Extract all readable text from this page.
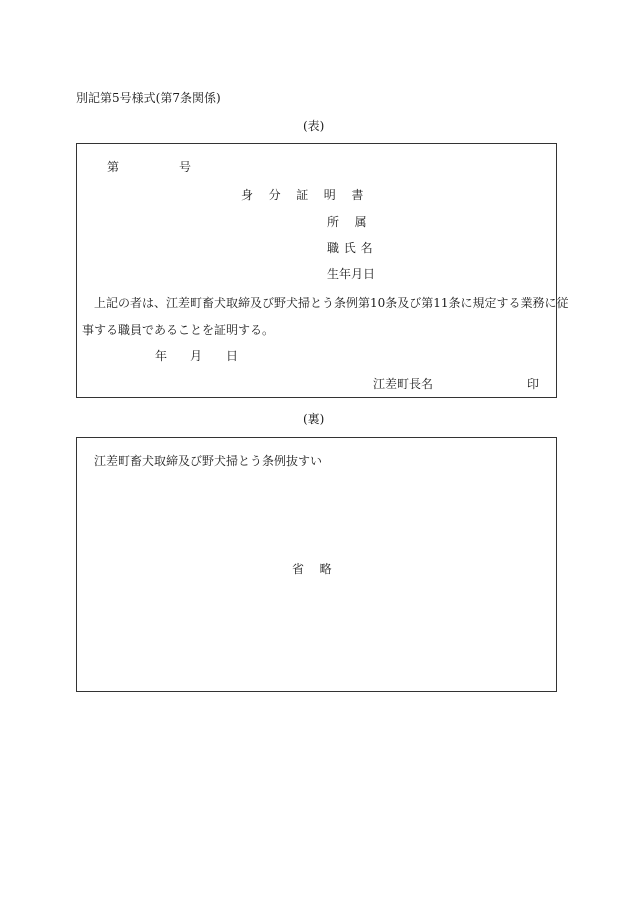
別記第5号様式(第7条関係)
(表)
第	号
身分証明書
所属
職氏名
生年月日
上記の者は、江差町畜犬取締及び野犬掃とう条例第10条及び第11条に規定する業務に従
事する職員であることを証明する。
年 月 日
江差町長名	印
(裏)
江差町畜犬取締及び野犬掃とう条例抜すい
省略
